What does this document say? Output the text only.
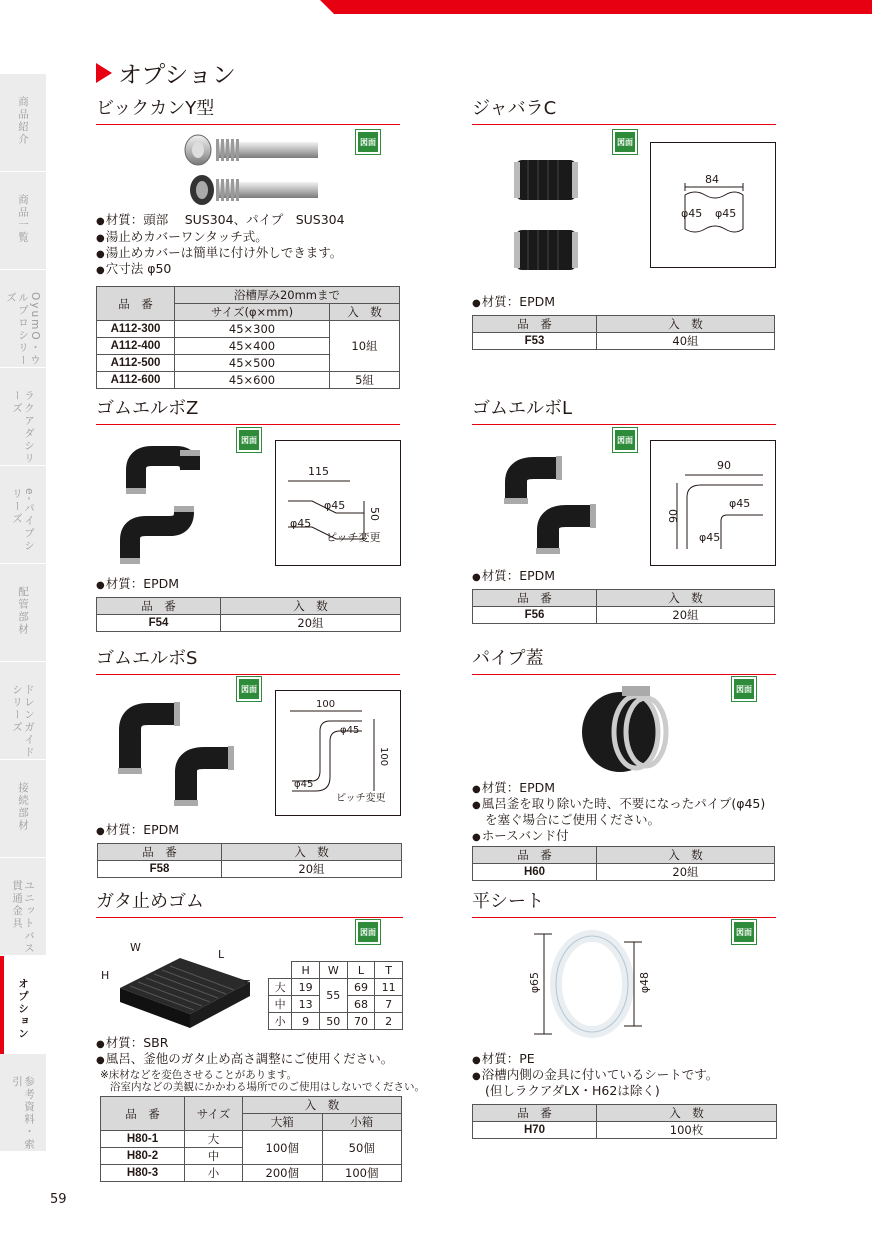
商品紹介
商品一覧
OyumO・ウルプロシリーズ
ラクアダシリーズ
e-パイプシリーズ
配管部材
ドレンガイドシリーズ
接続部材
ユニットバス貫通金具
オプション
参考資料・索引
オプション
ビックカンY型
図面
● 材質：頭部　 SUS304、パイプ　SUS304
● 湯止めカバーワンタッチ式。
● 湯止めカバーは簡単に付け外しできます。
● 穴寸法 φ50
品　番	浴槽厚み20mmまで	
	サイズ(φ×mm)	入　数
A112-300	45×300	10組
A112-400	45×400	
A112-500	45×500	
A112-600	45×600	5組
ジャバラC
図面
84
φ45 φ45
● 材質：EPDM
品　番	入　数
F53	40組
ゴムエルボZ
図面
115
φ45
φ45
50
ピッチ変更
● 材質：EPDM
品　番	入　数
F54	20組
ゴムエルボL
図面
90
90
φ45
φ45
● 材質：EPDM
品　番	入　数
F56	20組
ゴムエルボS
図面
100
φ45
100
φ45
ピッチ変更
● 材質：EPDM
品　番	入　数
F58	20組
パイプ蓋
図面
● 材質：EPDM
● 風呂釜を取り除いた時、不要になったパイプ(φ45)
を塞ぐ場合にご使用ください。
● ホースバンド付
品　番	入　数
H60	20組
ガタ止めゴム
図面
W
L
H
T
	H	W	L	T
大	19	55	69	11
中	13		68	7
小	9	50	70	2
● 材質：SBR
● 風呂、釜他のガタ止め高さ調整にご使用ください。
※床材などを変色させることがあります。
浴室内などの美観にかかわる場所でのご使用はしないでください。
品　番	サイズ	入　数	
		大箱	小箱
H80-1	大	100個	50個
H80-2	中		
H80-3	小	200個	100個
平シート
図面
φ65	φ48
● 材質：PE
● 浴槽内側の金具に付いているシートです。
(但しラクアダLX・H62は除く)
品　番	入　数
H70	100枚
59
